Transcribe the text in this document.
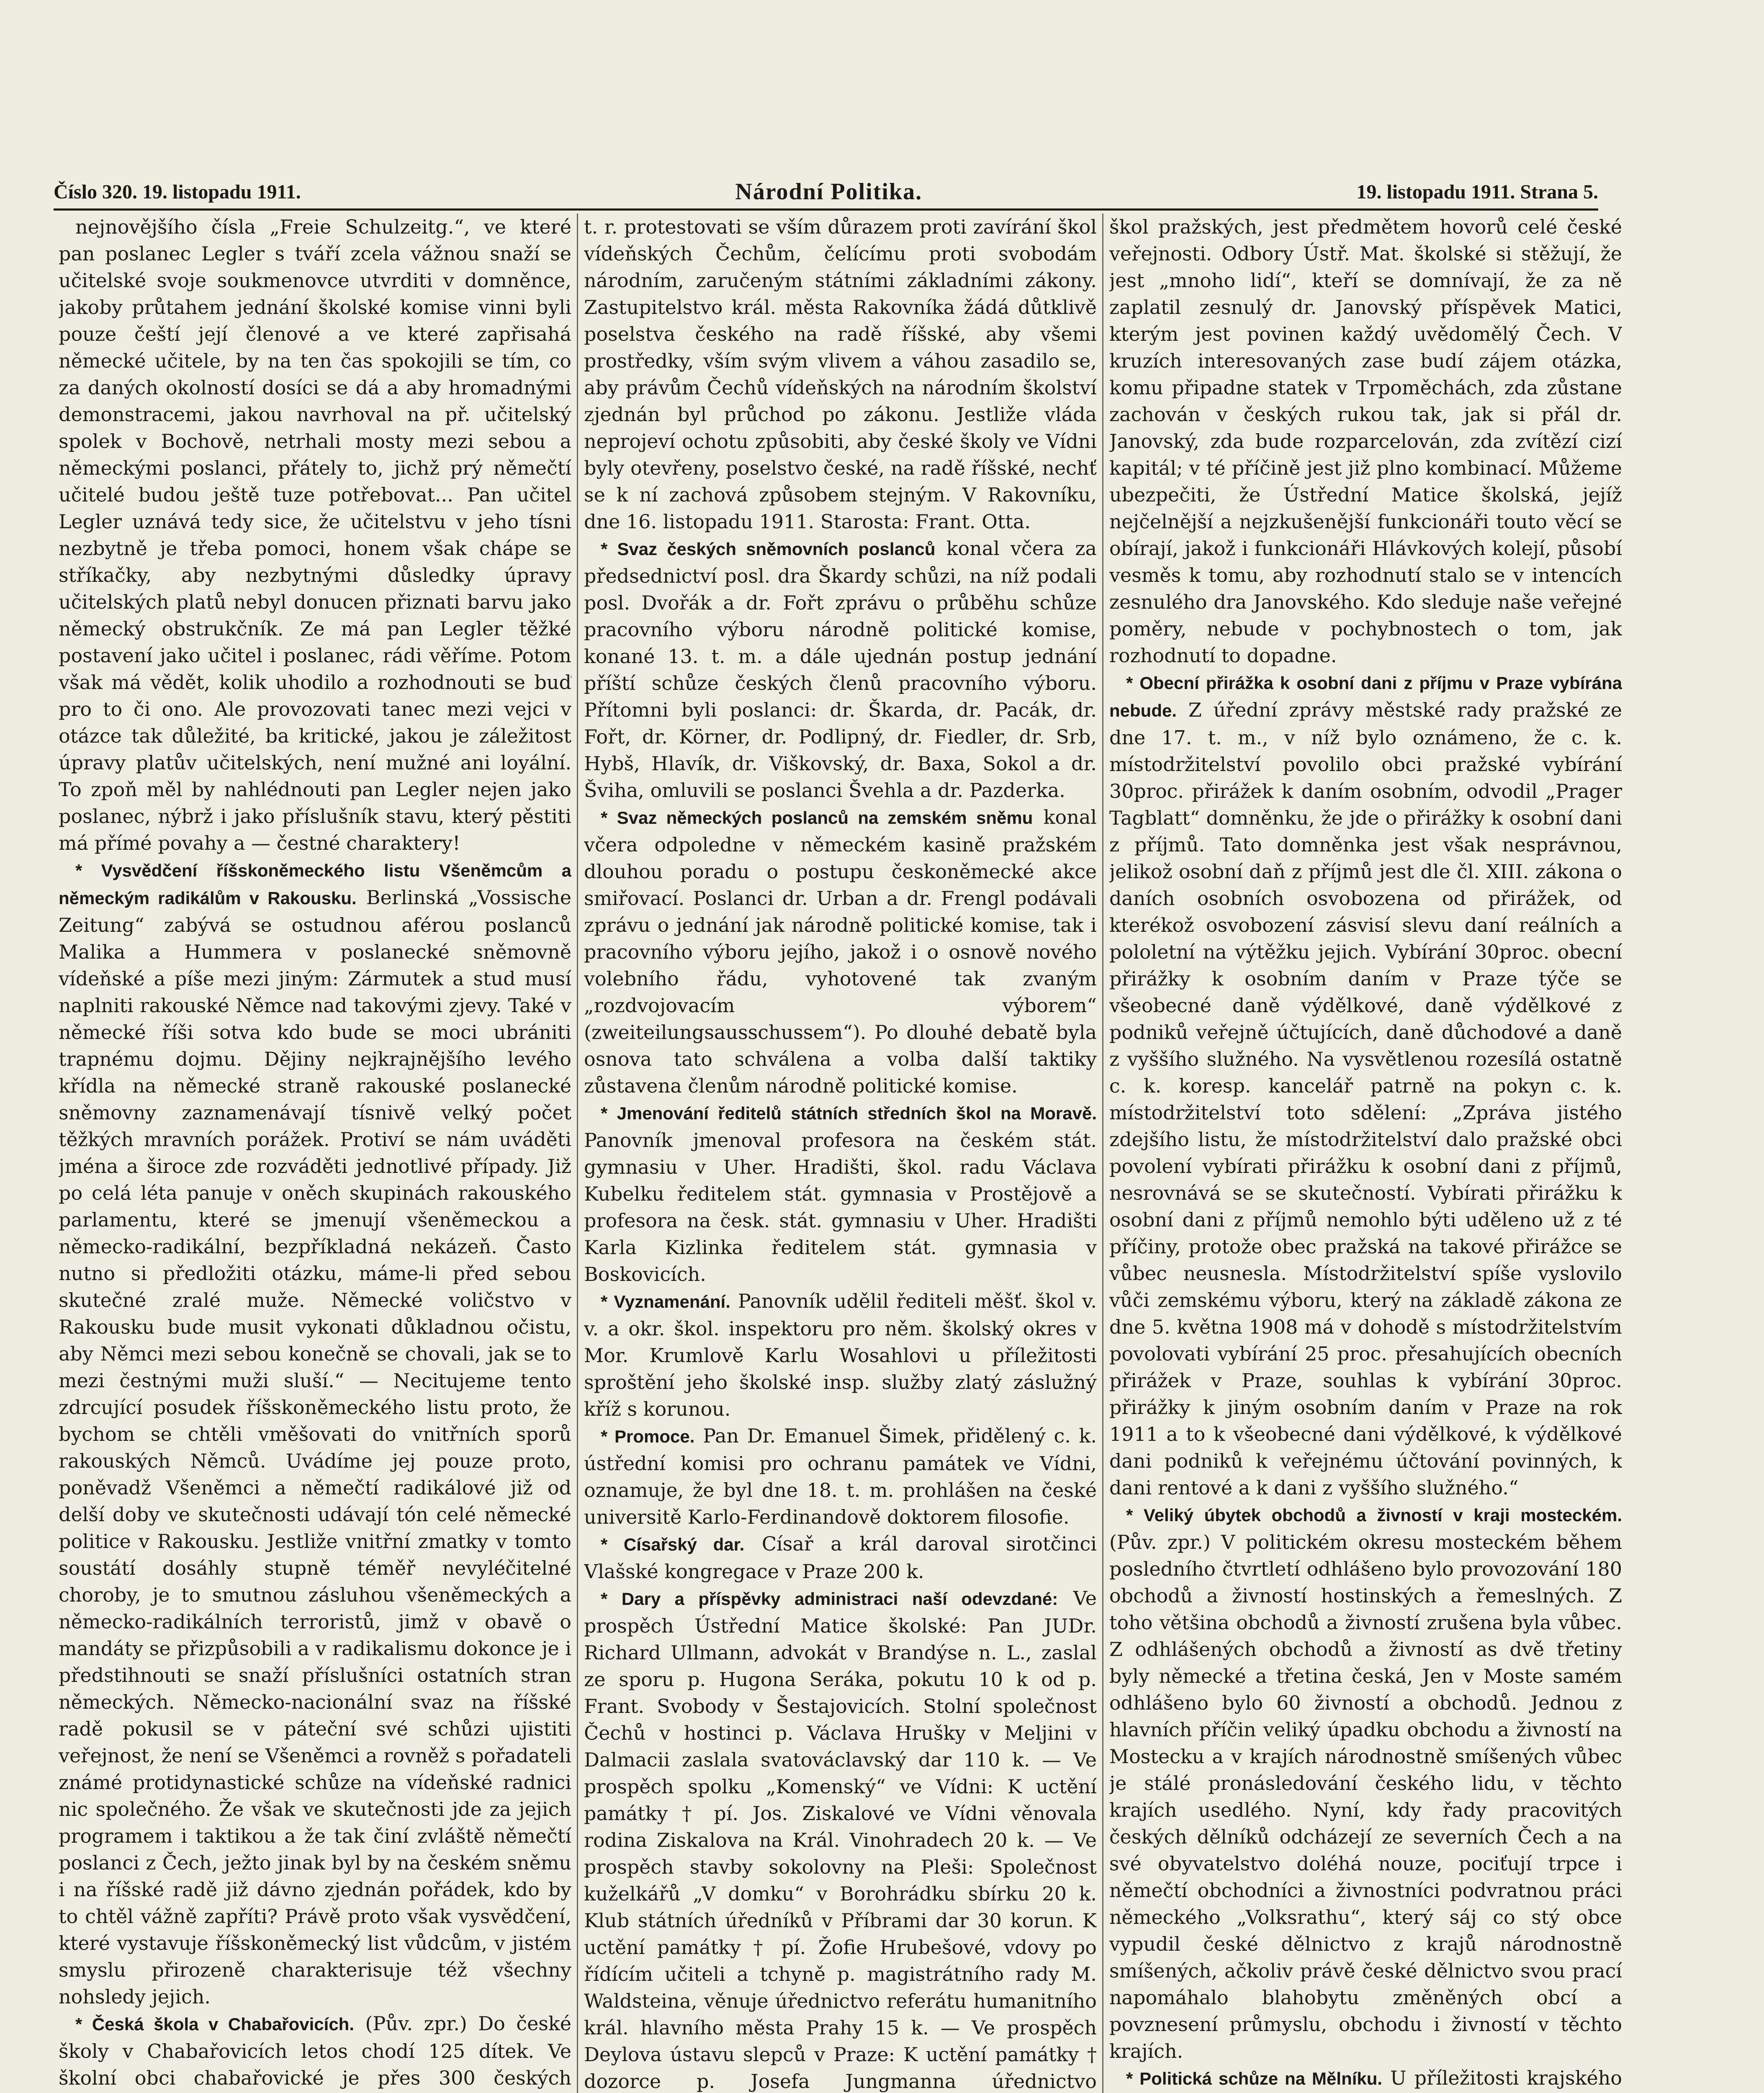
Číslo 320. 19. listopadu 1911.	Národní Politika.	19. listopadu 1911. Strana 5.

nejnovějšího čísla „Freie Schulzeitg.“, ve které pan poslanec Legler s tváří zcela vážnou snaží se učitelské svoje soukmenovce utvrditi v domněnce, jakoby průtahem jednání školské komise vinni byli pouze čeští její členové a ve které zapřisahá německé učitele, by na ten čas spokojili se tím, co za daných okolností dosíci se dá a aby hromadnými demonstracemi, jakou navrhoval na př. učitelský spolek v Bochově, netrhali mosty mezi sebou a německými poslanci, přátely to, jichž prý němečtí učitelé budou ještě tuze potřebovat... Pan učitel Legler uznává tedy sice, že učitelstvu v jeho tísni nezbytně je třeba pomoci, honem však chápe se stříkačky, aby nezbytnými důsledky úpravy učitelských platů nebyl donucen přiznati barvu jako německý obstrukčník. Ze má pan Legler těžké postavení jako učitel i poslanec, rádi věříme. Potom však má vědět, kolik uhodilo a rozhodnouti se buď pro to či ono. Ale provozovati tanec mezi vejci v otázce tak důležité, ba kritické, jakou je záležitost úpravy platův učitelských, není mužné ani loyální. To zpoň měl by nahlédnouti pan Legler nejen jako poslanec, nýbrž i jako příslušník stavu, který pěstiti má přímé povahy a — čestné charaktery!

* Vysvědčení říšskoněmeckého listu Všeněmcům a německým radikálům v Rakousku. Berlinská „Vossische Zeitung“ zabývá se ostudnou aférou poslanců Malika a Hummera v poslanecké sněmovně vídeňské a píše mezi jiným: Zármutek a stud musí naplniti rakouské Němce nad takovými zjevy. Také v německé říši sotva kdo bude se moci ubrániti trapnému dojmu. Dějiny nejkrajnějšího levého křídla na německé straně rakouské poslanecké sněmovny zaznamenávají tísnivě velký počet těžkých mravních porážek. Protiví se nám uváděti jména a široce zde rozváděti jednotlivé případy. Již po celá léta panuje v oněch skupinách rakouského parlamentu, které se jmenují všeněmeckou a německo-radikální, bezpříkladná nekázeň. Často nutno si předložiti otázku, máme-li před sebou skutečné zralé muže. Německé voličstvo v Rakousku bude musit vykonati důkladnou očistu, aby Němci mezi sebou konečně se chovali, jak se to mezi čestnými muži sluší.“ — Necitujeme tento zdrcující posudek říšskoněmeckého listu proto, že bychom se chtěli vměšovati do vnitřních sporů rakouských Němců. Uvádíme jej pouze proto, poněvadž Všeněmci a němečtí radikálové již od delší doby ve skutečnosti udávají tón celé německé politice v Rakousku. Jestliže vnitřní zmatky v tomto soustátí dosáhly stupně téměř nevyléčitelné choroby, je to smutnou zásluhou všeněmeckých a německo-radikálních terroristů, jimž v obavě o mandáty se přizpůsobili a v radikalismu dokonce je i předstihnouti se snaží příslušníci ostatních stran německých. Německo-nacionální svaz na říšské radě pokusil se v páteční své schůzi ujistiti veřejnost, že není se Všeněmci a rovněž s pořadateli známé protidynastické schůze na vídeňské radnici nic společného. Že však ve skutečnosti jde za jejich programem i taktikou a že tak činí zvláště němečtí poslanci z Čech, ježto jinak byl by na českém sněmu i na říšské radě již dávno zjednán pořádek, kdo by to chtěl vážně zapříti? Právě proto však vysvědčení, které vystavuje říšskoněmecký list vůdcům, v jistém smyslu přirozeně charakterisuje též všechny nohsledy jejich.

* Česká škola v Chabařovicích. (Pův. zpr.) Do české školy v Chabařovicích letos chodí 125 dítek. Ve školní obci chabařovické je přes 300 českých

t. r. protestovati se vším důrazem proti zavírání škol vídeňských Čechům, čelícímu proti svobodám národním, zaručeným státními základními zákony. Zastupitelstvo král. města Rakovníka žádá důtklivě poselstva českého na radě říšské, aby všemi prostředky, vším svým vlivem a váhou zasadilo se, aby právům Čechů vídeňských na národním školství zjednán byl průchod po zákonu. Jestliže vláda neprojeví ochotu způsobiti, aby české školy ve Vídni byly otevřeny, poselstvo české, na radě říšské, nechť se k ní zachová způsobem stejným. V Rakovníku, dne 16. listopadu 1911. Starosta: Frant. Otta.

* Svaz českých sněmovních poslanců konal včera za předsednictví posl. dra Škardy schůzi, na níž podali posl. Dvořák a dr. Fořt zprávu o průběhu schůze pracovního výboru národně politické komise, konané 13. t. m. a dále ujednán postup jednání příští schůze českých členů pracovního výboru. Přítomni byli poslanci: dr. Škarda, dr. Pacák, dr. Fořt, dr. Körner, dr. Podlipný, dr. Fiedler, dr. Srb, Hybš, Hlavík, dr. Viškovský, dr. Baxa, Sokol a dr. Šviha, omluvili se poslanci Švehla a dr. Pazderka.

* Svaz německých poslanců na zemském sněmu konal včera odpoledne v německém kasině pražském dlouhou poradu o postupu českoněmecké akce smiřovací. Poslanci dr. Urban a dr. Frengl podávali zprávu o jednání jak národně politické komise, tak i pracovního výboru jejího, jakož i o osnově nového volebního řádu, vyhotovené tak zvaným „rozdvojovacím výborem“ (zweiteilungsausschussem“). Po dlouhé debatě byla osnova tato schválena a volba další taktiky zůstavena členům národně politické komise.

* Jmenování ředitelů státních středních škol na Moravě. Panovník jmenoval profesora na českém stát. gymnasiu v Uher. Hradišti, škol. radu Václava Kubelku ředitelem stát. gymnasia v Prostějově a profesora na česk. stát. gymnasiu v Uher. Hradišti Karla Kizlinka ředitelem stát. gymnasia v Boskovicích.

* Vyznamenání. Panovník udělil řediteli měšť. škol v. v. a okr. škol. inspektoru pro něm. školský okres v Mor. Krumlově Karlu Wosahlovi u příležitosti sproštění jeho školské insp. služby zlatý záslužný kříž s korunou.

* Promoce. Pan Dr. Emanuel Šimek, přidělený c. k. ústřední komisi pro ochranu památek ve Vídni, oznamuje, že byl dne 18. t. m. prohlášen na české universitě Karlo-Ferdinandově doktorem filosofie.

* Císařský dar. Císař a král daroval sirotčinci Vlašské kongregace v Praze 200 k.

* Dary a příspěvky administraci naší odevzdané: Ve prospěch Ústřední Matice školské: Pan JUDr. Richard Ullmann, advokát v Brandýse n. L., zaslal ze sporu p. Hugona Seráka, pokutu 10 k od p. Frant. Svobody v Šestajovicích. Stolní společnost Čechů v hostinci p. Václava Hrušky v Meljini v Dalmacii zaslala svatováclavský dar 110 k. — Ve prospěch spolku „Komenský“ ve Vídni: K uctění památky † pí. Jos. Ziskalové ve Vídni věnovala rodina Ziskalova na Král. Vinohradech 20 k. — Ve prospěch stavby sokolovny na Pleši: Společnost kuželkářů „V domku“ v Borohrádku sbírku 20 k. Klub státních úředníků v Příbrami dar 30 korun. K uctění památky † pí. Žofie Hrubešové, vdovy po řídícím učiteli a tchyně p. magistrátního rady M. Waldsteina, věnuje úřednictvo referátu humanitního král. hlavního města Prahy 15 k. — Ve prospěch Deylova ústavu slepců v Praze: K uctění památky † dozorce p. Josefa Jungmanna úřednictvo

škol pražských, jest předmětem hovorů celé české veřejnosti. Odbory Ústř. Mat. školské si stěžují, že jest „mnoho lidí“, kteří se domnívají, že za ně zaplatil zesnulý dr. Janovský příspěvek Matici, kterým jest povinen každý uvědomělý Čech. V kruzích interesovaných zase budí zájem otázka, komu připadne statek v Trpoměchách, zda zůstane zachován v českých rukou tak, jak si přál dr. Janovský, zda bude rozparcelován, zda zvítězí cizí kapitál; v té příčině jest již plno kombinací. Můžeme ubezpečiti, že Ústřední Matice školská, jejíž nejčelnější a nejzkušenější funkcionáři touto věcí se obírají, jakož i funkcionáři Hlávkových kolejí, působí vesměs k tomu, aby rozhodnutí stalo se v intencích zesnulého dra Janovského. Kdo sleduje naše veřejné poměry, nebude v pochybnostech o tom, jak rozhodnutí to dopadne.

* Obecní přirážka k osobní dani z příjmu v Praze vybírána nebude. Z úřední zprávy městské rady pražské ze dne 17. t. m., v níž bylo oznámeno, že c. k. místodržitelství povolilo obci pražské vybírání 30proc. přirážek k daním osobním, odvodil „Prager Tagblatt“ domněnku, že jde o přirážky k osobní dani z příjmů. Tato domněnka jest však nesprávnou, jelikož osobní daň z příjmů jest dle čl. XIII. zákona o daních osobních osvobozena od přirážek, od kterékož osvobození zásvisí slevu daní reálních a pololetní na výtěžku jejich. Vybírání 30proc. obecní přirážky k osobním daním v Praze týče se všeobecné daně výdělkové, daně výdělkové z podniků veřejně účtujících, daně důchodové a daně z vyššího služného. Na vysvětlenou rozesílá ostatně c. k. koresp. kancelář patrně na pokyn c. k. místodržitelství toto sdělení: „Zpráva jistého zdejšího listu, že místodržitelství dalo pražské obci povolení vybírati přirážku k osobní dani z příjmů, nesrovnává se se skutečností. Vybírati přirážku k osobní dani z příjmů nemohlo býti uděleno už z té příčiny, protože obec pražská na takové přirážce se vůbec neusnesla. Místodržitelství spíše vyslovilo vůči zemskému výboru, který na základě zákona ze dne 5. května 1908 má v dohodě s místodržitelstvím povolovati vybírání 25 proc. přesahujících obecních přirážek v Praze, souhlas k vybírání 30proc. přirážky k jiným osobním daním v Praze na rok 1911 a to k všeobecné dani výdělkové, k výdělkové dani podniků k veřejnému účtování povinných, k dani rentové a k dani z vyššího služného.“

* Veliký úbytek obchodů a živností v kraji mosteckém. (Pův. zpr.) V politickém okresu mosteckém během posledního čtvrtletí odhlášeno bylo provozování 180 obchodů a živností hostinských a řemeslných. Z toho většina obchodů a živností zrušena byla vůbec. Z odhlášených obchodů a živností as dvě třetiny byly německé a třetina česká, Jen v Moste samém odhlášeno bylo 60 živností a obchodů. Jednou z hlavních příčin veliký úpadku obchodu a živností na Mostecku a v krajích národnostně smíšených vůbec je stálé pronásledování českého lidu, v těchto krajích usedlého. Nyní, kdy řady pracovitých českých dělníků odcházejí ze severních Čech a na své obyvatelstvo doléhá nouze, pociťují trpce i němečtí obchodníci a živnostníci podvratnou práci německého „Volksrathu“, který sáj co stý obce vypudil české dělnictvo z krajů národnostně smíšených, ačkoliv právě české dělnictvo svou prací napomáhalo blahobytu změněných obcí a povznesení průmyslu, obchodu i živností v těchto krajích.

* Politická schůze na Mělníku. U příležitosti krajského
